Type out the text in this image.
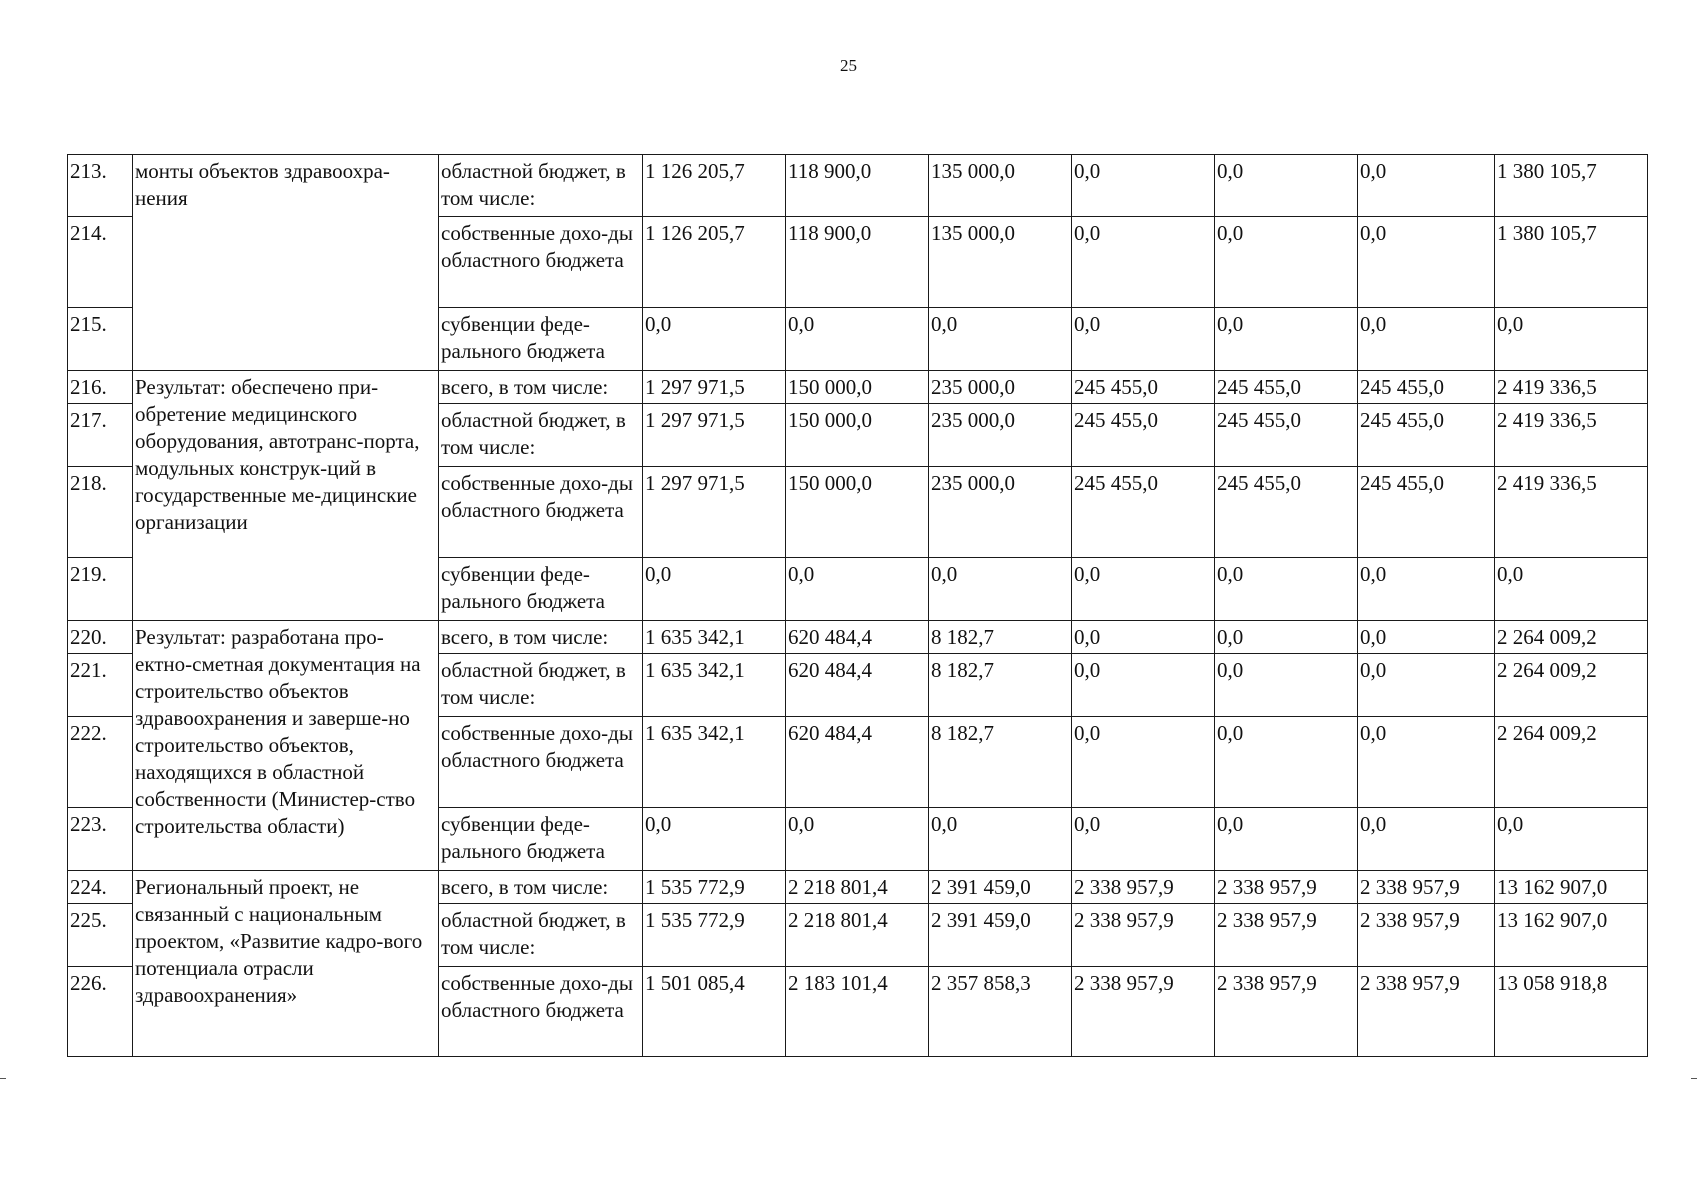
25
213.	монты объектов здравоохра-нения	областной бюджет, в том числе:	1 126 205,7	118 900,0	135 000,0	0,0	0,0	0,0	1 380 105,7
214.		собственные дохо-ды областного бюджета	1 126 205,7	118 900,0	135 000,0	0,0	0,0	0,0	1 380 105,7
215.		субвенции феде-рального бюджета	0,0	0,0	0,0	0,0	0,0	0,0	0,0
216.	Результат: обеспечено при-обретение медицинского оборудования, автотранс-порта, модульных конструк-ций в государственные ме-дицинские организации	всего, в том числе:	1 297 971,5	150 000,0	235 000,0	245 455,0	245 455,0	245 455,0	2 419 336,5
217.		областной бюджет, в том числе:	1 297 971,5	150 000,0	235 000,0	245 455,0	245 455,0	245 455,0	2 419 336,5
218.		собственные дохо-ды областного бюджета	1 297 971,5	150 000,0	235 000,0	245 455,0	245 455,0	245 455,0	2 419 336,5
219.		субвенции феде-рального бюджета	0,0	0,0	0,0	0,0	0,0	0,0	0,0
220.	Результат: разработана про-ектно-сметная документация на строительство объектов здравоохранения и заверше-но строительство объектов, находящихся в областной собственности (Министер-ство строительства области)	всего, в том числе:	1 635 342,1	620 484,4	8 182,7	0,0	0,0	0,0	2 264 009,2
221.		областной бюджет, в том числе:	1 635 342,1	620 484,4	8 182,7	0,0	0,0	0,0	2 264 009,2
222.		собственные дохо-ды областного бюджета	1 635 342,1	620 484,4	8 182,7	0,0	0,0	0,0	2 264 009,2
223.		субвенции феде-рального бюджета	0,0	0,0	0,0	0,0	0,0	0,0	0,0
224.	Региональный проект, не связанный с национальным проектом, «Развитие кадро-вого потенциала отрасли здравоохранения»	всего, в том числе:	1 535 772,9	2 218 801,4	2 391 459,0	2 338 957,9	2 338 957,9	2 338 957,9	13 162 907,0
225.		областной бюджет, в том числе:	1 535 772,9	2 218 801,4	2 391 459,0	2 338 957,9	2 338 957,9	2 338 957,9	13 162 907,0
226.		собственные дохо-ды областного бюджета	1 501 085,4	2 183 101,4	2 357 858,3	2 338 957,9	2 338 957,9	2 338 957,9	13 058 918,8
